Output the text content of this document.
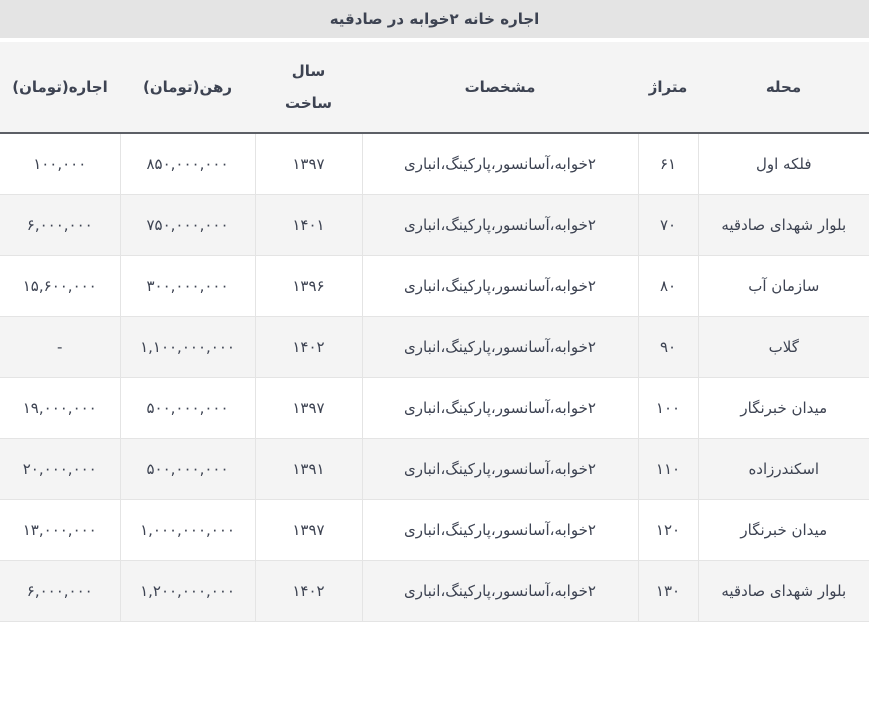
اجاره خانه ۲خوابه در صادقیه
محله	متراژ	مشخصات	سال ساخت	رهن(تومان)	اجاره(تومان)
فلکه اول	۶۱	۲خوابه،آسانسور،پارکینگ،انباری	۱۳۹۷	۸۵۰,۰۰۰,۰۰۰	۱۰۰,۰۰۰
بلوار شهدای صادقیه	۷۰	۲خوابه،آسانسور،پارکینگ،انباری	۱۴۰۱	۷۵۰,۰۰۰,۰۰۰	۶,۰۰۰,۰۰۰
سازمان آب	۸۰	۲خوابه،آسانسور،پارکینگ،انباری	۱۳۹۶	۳۰۰,۰۰۰,۰۰۰	۱۵,۶۰۰,۰۰۰
گلاب	۹۰	۲خوابه،آسانسور،پارکینگ،انباری	۱۴۰۲	۱,۱۰۰,۰۰۰,۰۰۰	-
میدان خبرنگار	۱۰۰	۲خوابه،آسانسور،پارکینگ،انباری	۱۳۹۷	۵۰۰,۰۰۰,۰۰۰	۱۹,۰۰۰,۰۰۰
اسکندرزاده	۱۱۰	۲خوابه،آسانسور،پارکینگ،انباری	۱۳۹۱	۵۰۰,۰۰۰,۰۰۰	۲۰,۰۰۰,۰۰۰
میدان خبرنگار	۱۲۰	۲خوابه،آسانسور،پارکینگ،انباری	۱۳۹۷	۱,۰۰۰,۰۰۰,۰۰۰	۱۳,۰۰۰,۰۰۰
بلوار شهدای صادقیه	۱۳۰	۲خوابه،آسانسور،پارکینگ،انباری	۱۴۰۲	۱,۲۰۰,۰۰۰,۰۰۰	۶,۰۰۰,۰۰۰
